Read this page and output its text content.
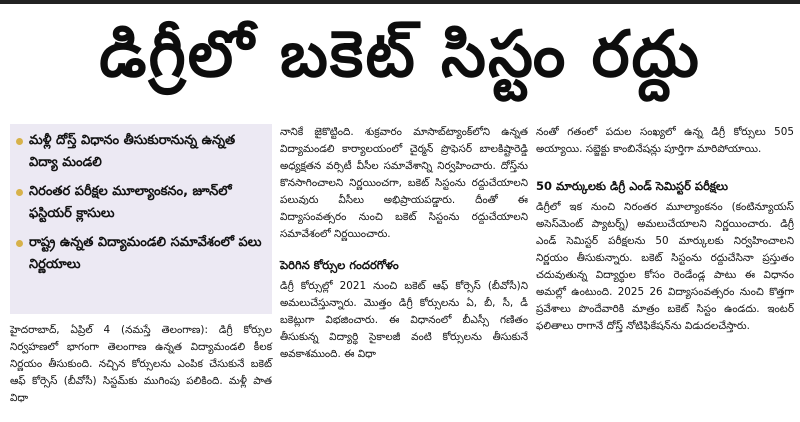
డిగ్రీలో బకెట్ సిస్టం రద్దు
మళ్లీ దోస్త్ విధానం తీసుకురానున్న ఉన్నత విద్యా మండలి
నిరంతర పరీక్షల మూల్యాంకనం, జూన్‌లో ఫస్టియర్ క్లాసులు
రాష్ట్ర ఉన్నత విద్యామండలి సమావేశంలో పలు నిర్ణయాలు

హైదరాబాద్, ఏప్రిల్ 4 (నమస్తే తెలంగాణ): డిగ్రీ కోర్సుల నిర్వహణలో భాగంగా తెలంగాణ ఉన్నత విద్యామండలి కీలక నిర్ణయం తీసుకుంది. నచ్చిన కోర్సులను ఎంపిక చేసుకునే బకెట్ ఆఫ్ కోర్సెస్ (బీవోసీ) సిస్టమ్‌కు ముగింపు పలికింది. మళ్లీ పాత విధా

నానికే జైకొట్టింది. శుక్రవారం మాసాబ్‌ట్యాంక్‌లోని ఉన్నత విద్యామండలి కార్యాలయంలో చైర్మన్ ప్రొఫెసర్ బాలకిష్టారెడ్డి అధ్యక్షతన వర్సిటీ వీసీల సమావేశాన్ని నిర్వహించారు. దోస్త్‌ను కొనసాగించాలని నిర్ణయించగా, బకెట్ సిస్టంను రద్దుచేయాలని పలువురు వీసీలు అభిప్రాయపడ్డారు. దీంతో ఈ విద్యాసంవత్సరం నుంచి బకెట్ సిస్టంను రద్దుచేయాలని సమావేశంలో నిర్ణయించారు.

పెరిగిన కోర్సుల గందరగోళం

డిగ్రీ కోర్సుల్లో 2021 నుంచి బకెట్ ఆఫ్ కోర్సెస్ (బీవోసీ)ని అమలుచేస్తున్నారు. మొత్తం డిగ్రీ కోర్సులను ఏ, బీ, సీ, డీ బకెట్లుగా విభజించారు. ఈ విధానంలో బీఎస్సీ గణితం తీసుకున్న విద్యార్థి సైకాలజీ వంటి కోర్సులను తీసుకునే అవకాశముంది. ఈ విధా

నంతో గతంలో పదుల సంఖ్యలో ఉన్న డిగ్రీ కోర్సులు 505 అయ్యాయి. సబ్జెక్టు కాంబినేషన్లు పూర్తిగా మారిపోయాయి.

50 మార్కులకు డిగ్రీ ఎండ్ సెమిస్టర్ పరీక్షలు

డిగ్రీలో ఇక నుంచి నిరంతర మూల్యాంకనం (కంటిన్యూయస్ అసెస్‌మెంట్ ప్యాటర్న్) అమలుచేయాలని నిర్ణయించారు. డిగ్రీ ఎండ్ సెమిస్టర్ పరీక్షలను 50 మార్కులకు నిర్వహించాలని నిర్ణయం తీసుకున్నారు. బకెట్ సిస్టంను రద్దుచేసినా ప్రస్తుతం చదువుతున్న విద్యార్థుల కోసం రెండేండ్ల పాటు ఈ విధానం అమల్లో ఉంటుంది. 2025 26 విద్యాసంవత్సరం నుంచి కొత్తగా ప్రవేశాలు పొందేవారికి మాత్రం బకెట్ సిస్టం ఉండదు. ఇంటర్ ఫలితాలు రాగానే దోస్త్ నోటిఫికేషన్‌ను విడుదలచేస్తారు.
